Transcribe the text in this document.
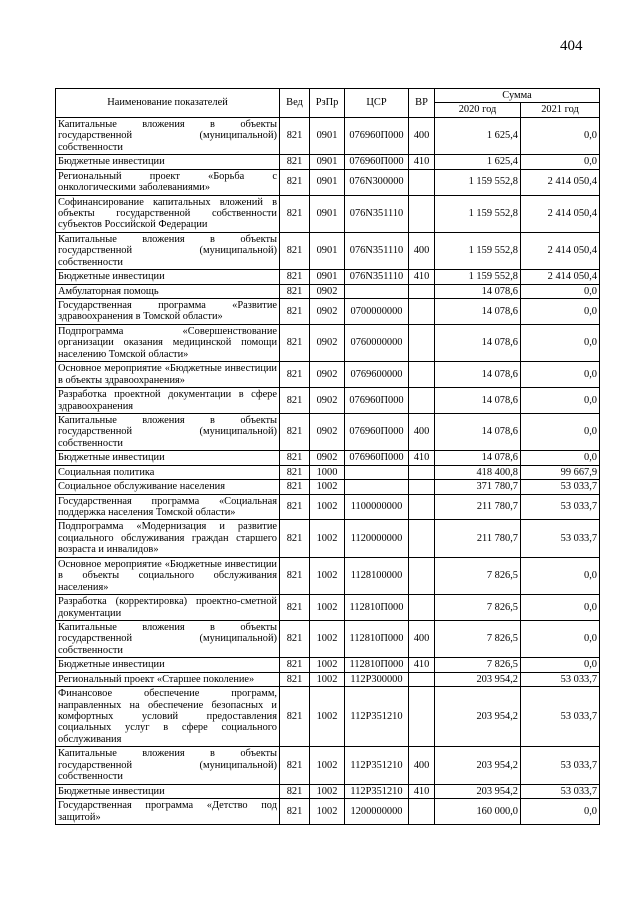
404
Наименование показателей	Вед	РзПр	ЦСР	ВР	Сумма	
					2020 год	2021 год
Капитальные вложения в объекты государственной (муниципальной) собственности	821	0901	076960П000	400	1 625,4	0,0
Бюджетные инвестиции	821	0901	076960П000	410	1 625,4	0,0
Региональный проект «Борьба с онкологическими заболеваниями»	821	0901	076N300000		1 159 552,8	2 414 050,4
Софинансирование капитальных вложений в объекты государственной собственности субъектов Российской Федерации	821	0901	076N351110		1 159 552,8	2 414 050,4
Капитальные вложения в объекты государственной (муниципальной) собственности	821	0901	076N351110	400	1 159 552,8	2 414 050,4
Бюджетные инвестиции	821	0901	076N351110	410	1 159 552,8	2 414 050,4
Амбулаторная помощь	821	0902			14 078,6	0,0
Государственная программа «Развитие здравоохранения в Томской области»	821	0902	0700000000		14 078,6	0,0
Подпрограмма «Совершенствование организации оказания медицинской помощи населению Томской области»	821	0902	0760000000		14 078,6	0,0
Основное мероприятие «Бюджетные инвестиции в объекты здравоохранения»	821	0902	0769600000		14 078,6	0,0
Разработка проектной документации в сфере здравоохранения	821	0902	076960П000		14 078,6	0,0
Капитальные вложения в объекты государственной (муниципальной) собственности	821	0902	076960П000	400	14 078,6	0,0
Бюджетные инвестиции	821	0902	076960П000	410	14 078,6	0,0
Социальная политика	821	1000			418 400,8	99 667,9
Социальное обслуживание населения	821	1002			371 780,7	53 033,7
Государственная программа «Социальная поддержка населения Томской области»	821	1002	1100000000		211 780,7	53 033,7
Подпрограмма «Модернизация и развитие социального обслуживания граждан старшего возраста и инвалидов»	821	1002	1120000000		211 780,7	53 033,7
Основное мероприятие «Бюджетные инвестиции в объекты социального обслуживания населения»	821	1002	1128100000		7 826,5	0,0
Разработка (корректировка) проектно-сметной документации	821	1002	112810П000		7 826,5	0,0
Капитальные вложения в объекты государственной (муниципальной) собственности	821	1002	112810П000	400	7 826,5	0,0
Бюджетные инвестиции	821	1002	112810П000	410	7 826,5	0,0
Региональный проект «Старшее поколение»	821	1002	112P300000		203 954,2	53 033,7
Финансовое обеспечение программ, направленных на обеспечение безопасных и комфортных условий предоставления социальных услуг в сфере социального обслуживания	821	1002	112P351210		203 954,2	53 033,7
Капитальные вложения в объекты государственной (муниципальной) собственности	821	1002	112P351210	400	203 954,2	53 033,7
Бюджетные инвестиции	821	1002	112P351210	410	203 954,2	53 033,7
Государственная программа «Детство под защитой»	821	1002	1200000000		160 000,0	0,0
